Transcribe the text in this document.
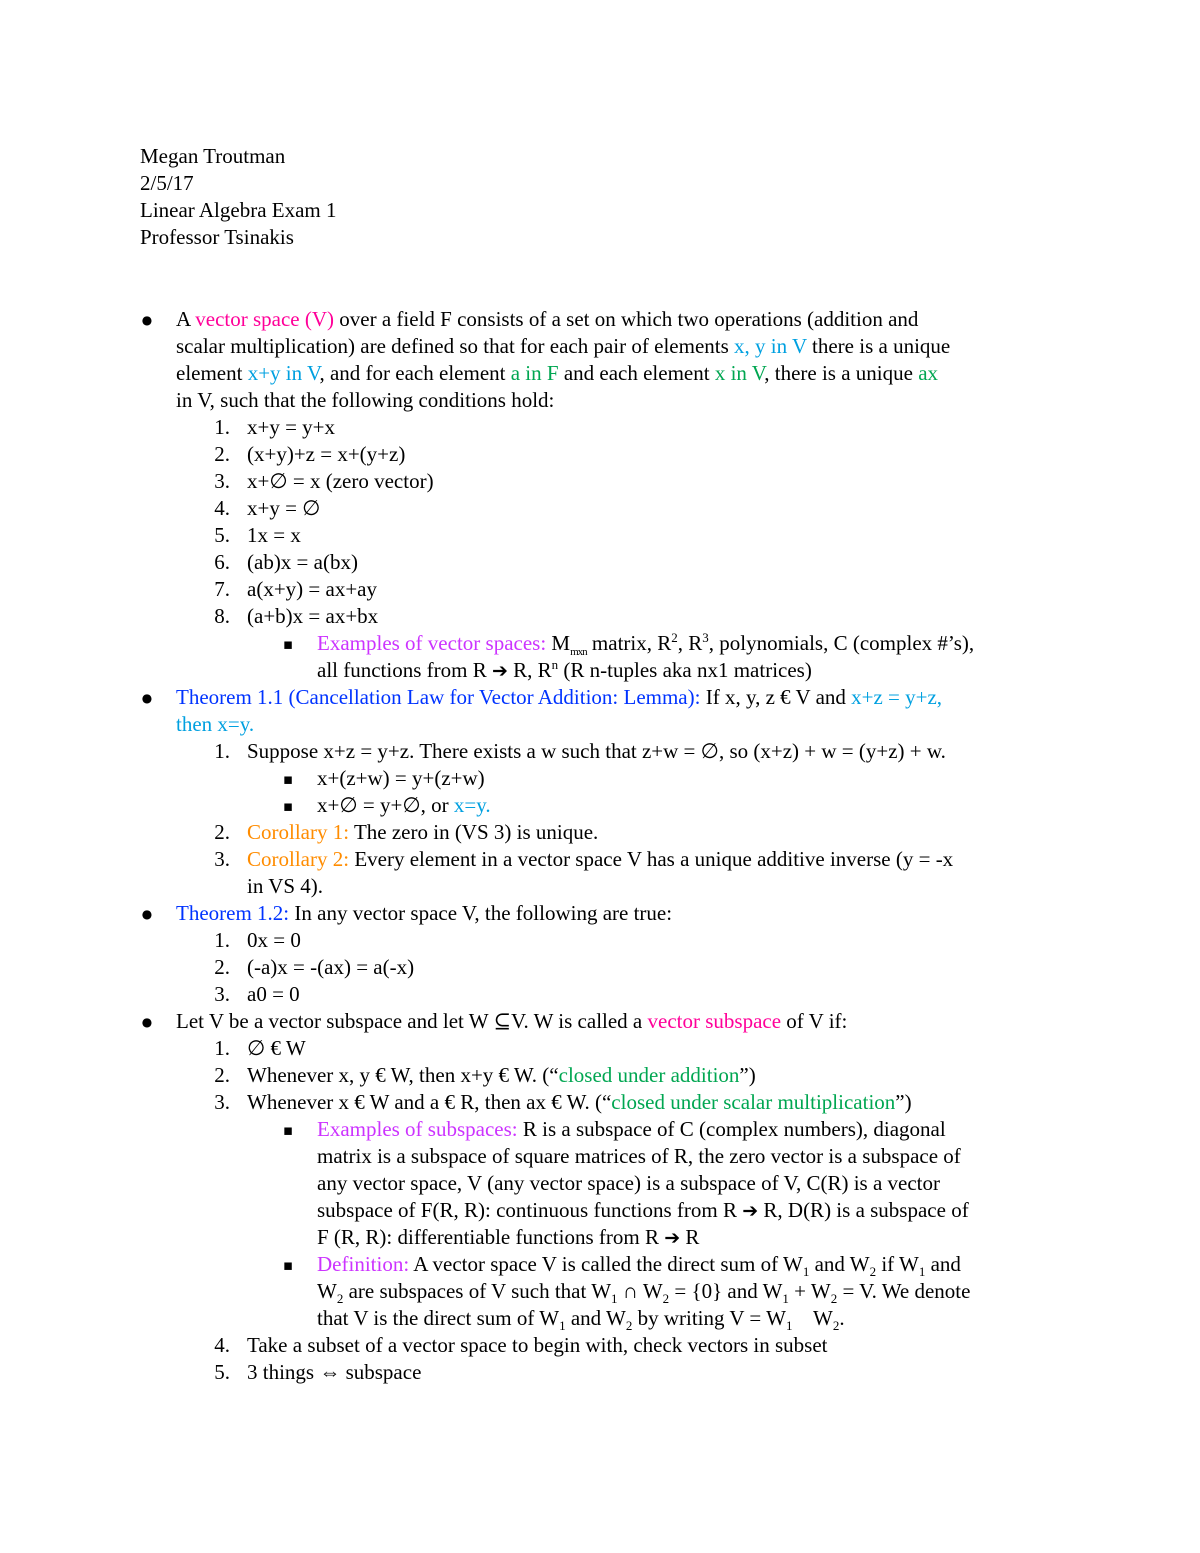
Megan Troutman
2/5/17
Linear Algebra Exam 1
Professor Tsinakis
●
A vector space (V) over a field F consists of a set on which two operations (addition and
scalar multiplication) are defined so that for each pair of elements x, y in V there is a unique
element x+y in V, and for each element a in F and each element x in V, there is a unique ax
in V, such that the following conditions hold:
1. x+y = y+x
2. (x+y)+z = x+(y+z)
3. x+∅ = x (zero vector)
4. x+y = ∅
5. 1x = x
6. (ab)x = a(bx)
7. a(x+y) = ax+ay
8. (a+b)x = ax+bx
▪
Examples of vector spaces: $M_{mxn}$ matrix, $R^2$, $R^3$, polynomials, C (complex #’s),
all functions from R ➔ R, $R^n$ (R n-tuples aka nx1 matrices)
●
Theorem 1.1 (Cancellation Law for Vector Addition: Lemma): If x, y, z € V and x+z = y+z,
then x=y.
1. Suppose x+z = y+z. There exists a w such that z+w = ∅, so (x+z) + w = (y+z) + w.
▪
x+(z+w) = y+(z+w)
▪
x+∅ = y+∅, or x=y.
2. Corollary 1: The zero in (VS 3) is unique.
3. Corollary 2: Every element in a vector space V has a unique additive inverse (y = -x
in VS 4).
●
Theorem 1.2: In any vector space V, the following are true:
1. 0x = 0
2. (-a)x = -(ax) = a(-x)
3. a0 = 0
●
Let V be a vector subspace and let W ⊆V. W is called a vector subspace of V if:
1. ∅ € W
2. Whenever x, y € W, then x+y € W. (“closed under addition”)
3. Whenever x € W and a € R, then ax € W. (“closed under scalar multiplication”)
▪
Examples of subspaces: R is a subspace of C (complex numbers), diagonal
matrix is a subspace of square matrices of R, the zero vector is a subspace of
any vector space, V (any vector space) is a subspace of V, C(R) is a vector
subspace of F(R, R): continuous functions from R ➔ R, D(R) is a subspace of
F (R, R): differentiable functions from R ➔ R
▪
Definition: A vector space V is called the direct sum of $W_1$ and $W_2$ if $W_1$ and
$W_2$ are subspaces of V such that $W_1$ ∩ $W_2 = \{0\}$ and $W_1 + W_2 = V$. We denote
that V is the direct sum of $W_1$ and $W_2$ by writing $V = W_1$    $W_2$.
4. Take a subset of a vector space to begin with, check vectors in subset
5. 3 things ⇔ subspace
